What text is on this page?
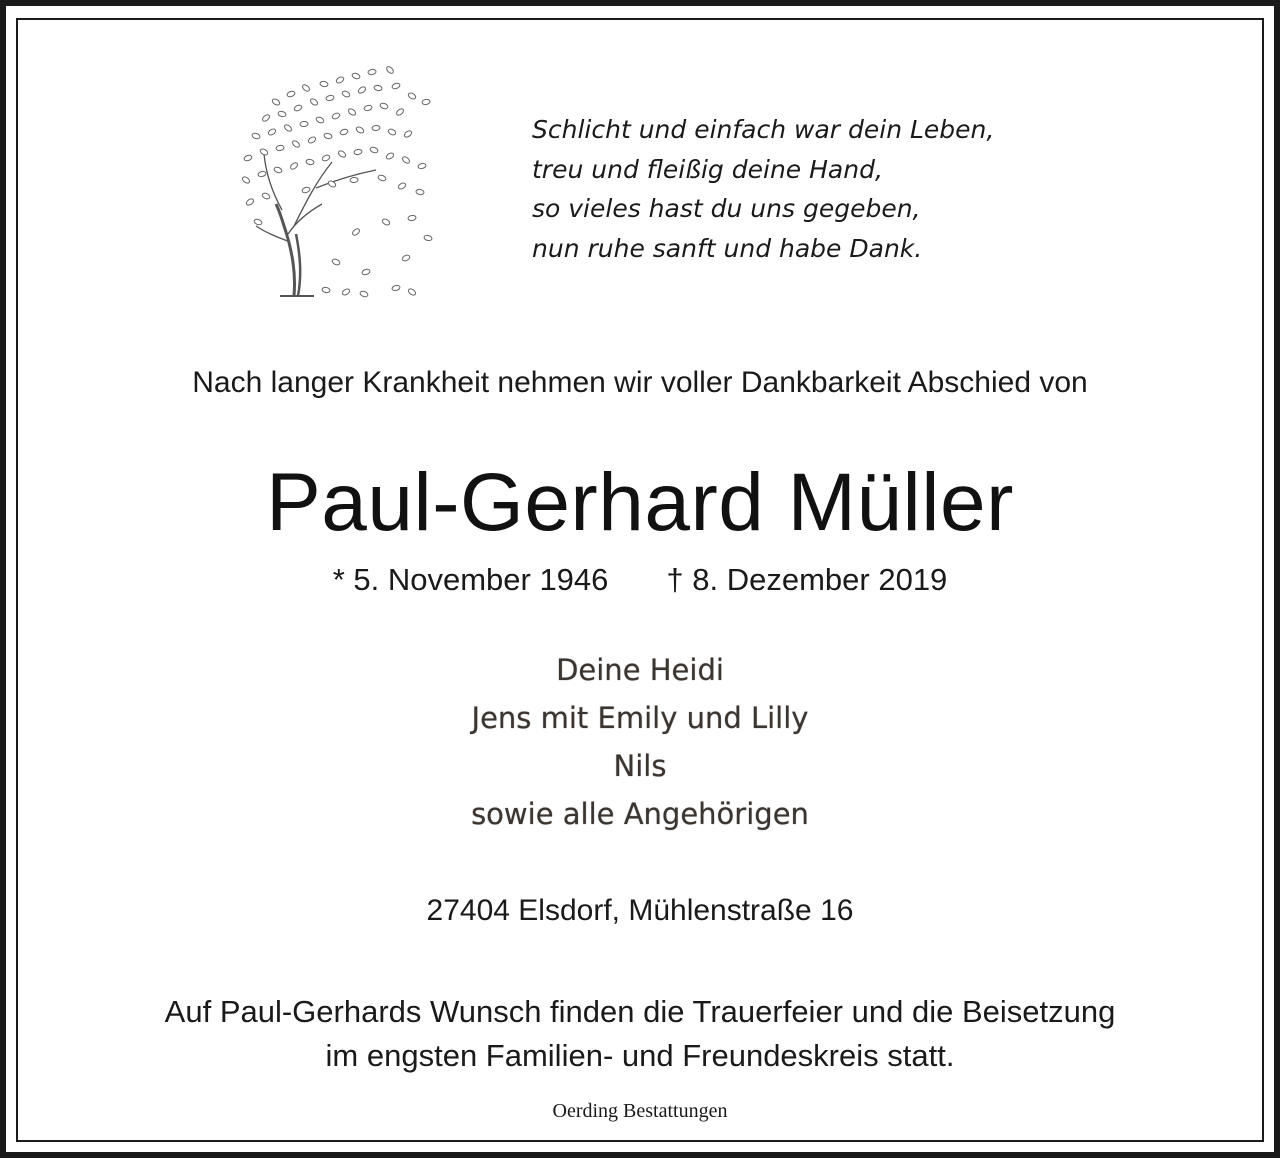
Schlicht und einfach war dein Leben,
treu und fleißig deine Hand,
so vieles hast du uns gegeben,
nun ruhe sanft und habe Dank.
Nach langer Krankheit nehmen wir voller Dankbarkeit Abschied von
Paul-Gerhard Müller
* 5. November 1946 † 8. Dezember 2019
Deine Heidi
Jens mit Emily und Lilly
Nils
sowie alle Angehörigen
27404 Elsdorf, Mühlenstraße 16
Auf Paul-Gerhards Wunsch finden die Trauerfeier und die Beisetzung
im engsten Familien- und Freundeskreis statt.
Oerding Bestattungen
